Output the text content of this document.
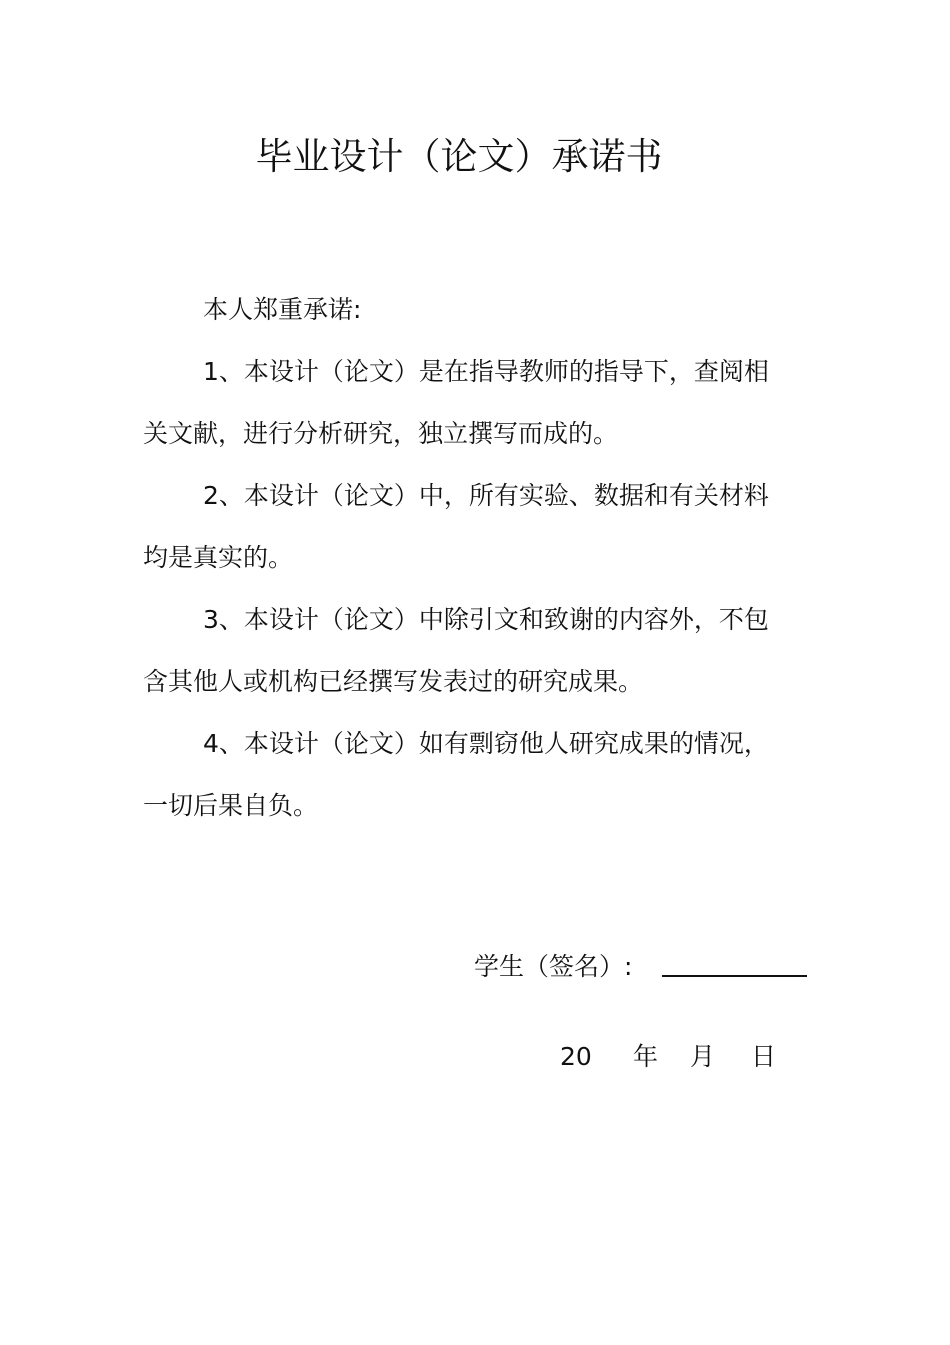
毕业设计（论文）承诺书

本人郑重承诺:

1、本设计（论文）是在指导教师的指导下，查阅相关文献，进行分析研究，独立撰写而成的。

2、本设计（论文）中，所有实验、数据和有关材料均是真实的。

3、本设计（论文）中除引文和致谢的内容外，不包含其他人或机构已经撰写发表过的研究成果。

4、本设计（论文）如有剽窃他人研究成果的情况，一切后果自负。

学生（签名）:
20 年 月 日
